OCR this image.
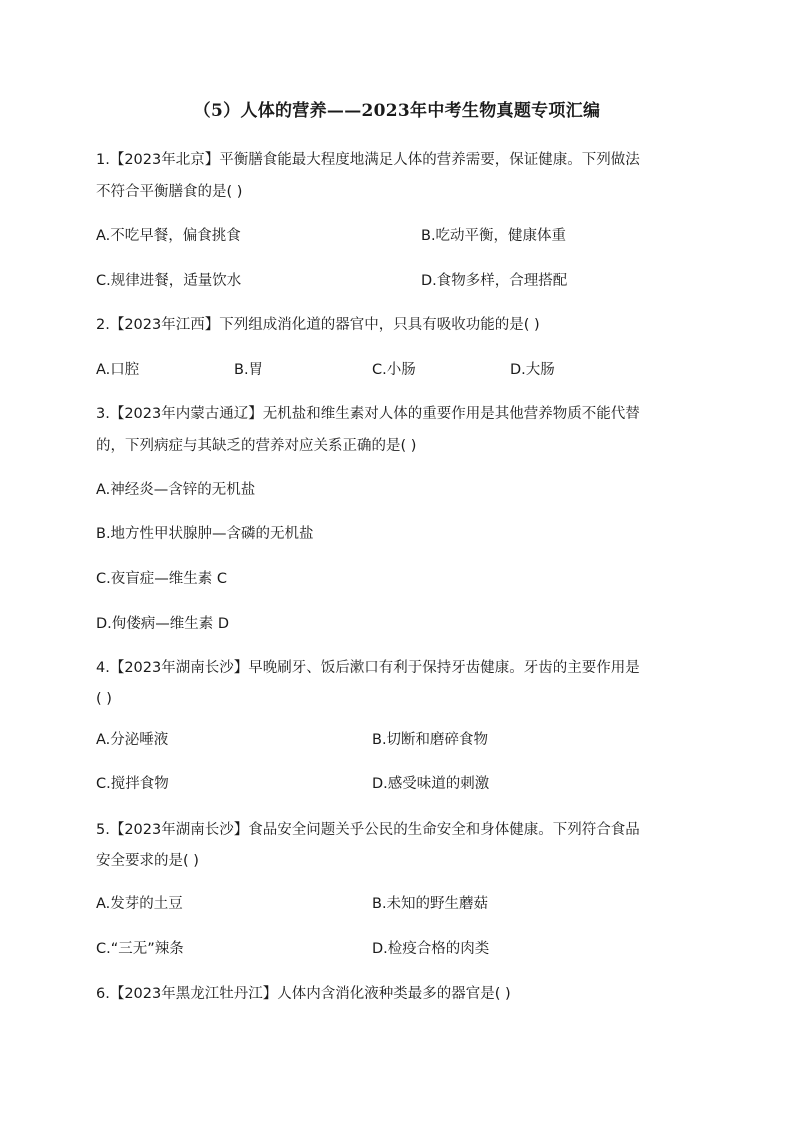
（5）人体的营养——2023年中考生物真题专项汇编
1.【2023年北京】平衡膳食能最大程度地满足人体的营养需要，保证健康。下列做法
不符合平衡膳食的是( )
A.不吃早餐，偏食挑食	B.吃动平衡，健康体重
C.规律进餐，适量饮水	D.食物多样，合理搭配
2.【2023年江西】下列组成消化道的器官中，只具有吸收功能的是( )
A.口腔	B.胃	C.小肠	D.大肠
3.【2023年内蒙古通辽】无机盐和维生素对人体的重要作用是其他营养物质不能代替
的，下列病症与其缺乏的营养对应关系正确的是( )
A.神经炎—含锌的无机盐
B.地方性甲状腺肿—含磷的无机盐
C.夜盲症—维生素 C
D.佝偻病—维生素 D
4.【2023年湖南长沙】早晚刷牙、饭后漱口有利于保持牙齿健康。牙齿的主要作用是
( )
A.分泌唾液	B.切断和磨碎食物
C.搅拌食物	D.感受味道的刺激
5.【2023年湖南长沙】食品安全问题关乎公民的生命安全和身体健康。下列符合食品
安全要求的是( )
A.发芽的土豆	B.未知的野生蘑菇
C.“三无”辣条	D.检疫合格的肉类
6.【2023年黑龙江牡丹江】人体内含消化液种类最多的器官是( )
